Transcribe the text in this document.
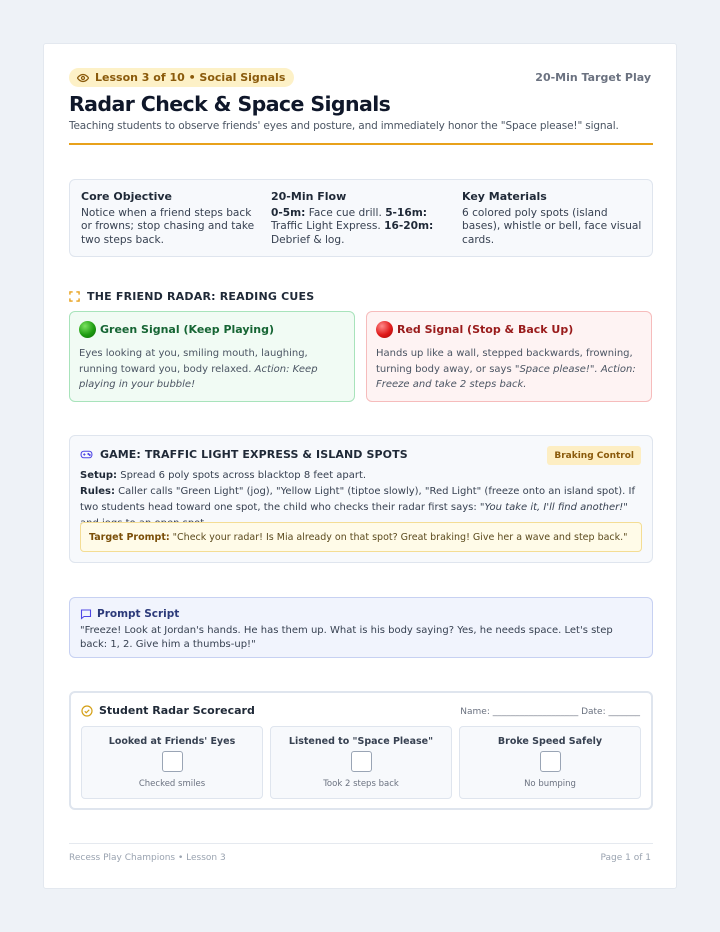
Lesson 3 of 10 • Social Signals	20-Min Target Play
Radar Check & Space Signals
Teaching students to observe friends' eyes and posture, and immediately honor the "Space please!" signal.
Core Objective
Notice when a friend steps back or frowns; stop chasing and take two steps back.
20-Min Flow
0-5m: Face cue drill. 5-16m: Traffic Light Express. 16-20m: Debrief & log.
Key Materials
6 colored poly spots (island bases), whistle or bell, face visual cards.
THE FRIEND RADAR: READING CUES
Green Signal (Keep Playing)
Eyes looking at you, smiling mouth, laughing, running toward you, body relaxed. Action: Keep playing in your bubble!
Red Signal (Stop & Back Up)
Hands up like a wall, stepped backwards, frowning, turning body away, or says "Space please!". Action: Freeze and take 2 steps back.
GAME: TRAFFIC LIGHT EXPRESS & ISLAND SPOTS	Braking Control
Setup: Spread 6 poly spots across blacktop 8 feet apart.
Rules: Caller calls "Green Light" (jog), "Yellow Light" (tiptoe slowly), "Red Light" (freeze onto an island spot). If two students head toward one spot, the child who checks their radar first says: "You take it, I'll find another!"
Target Prompt: "Check your radar! Is Mia already on that spot? Great braking! Give her a wave and step back."
Prompt Script
"Freeze! Look at Jordan's hands. He has them up. What is his body saying? Yes, he needs space. Let's step back: 1, 2. Give him a thumbs-up!"
Student Radar Scorecard	Name: ___________________ Date: _______
Looked at Friends' Eyes
Checked smiles
Listened to "Space Please"
Took 2 steps back
Broke Speed Safely
No bumping
Recess Play Champions • Lesson 3	Page 1 of 1
